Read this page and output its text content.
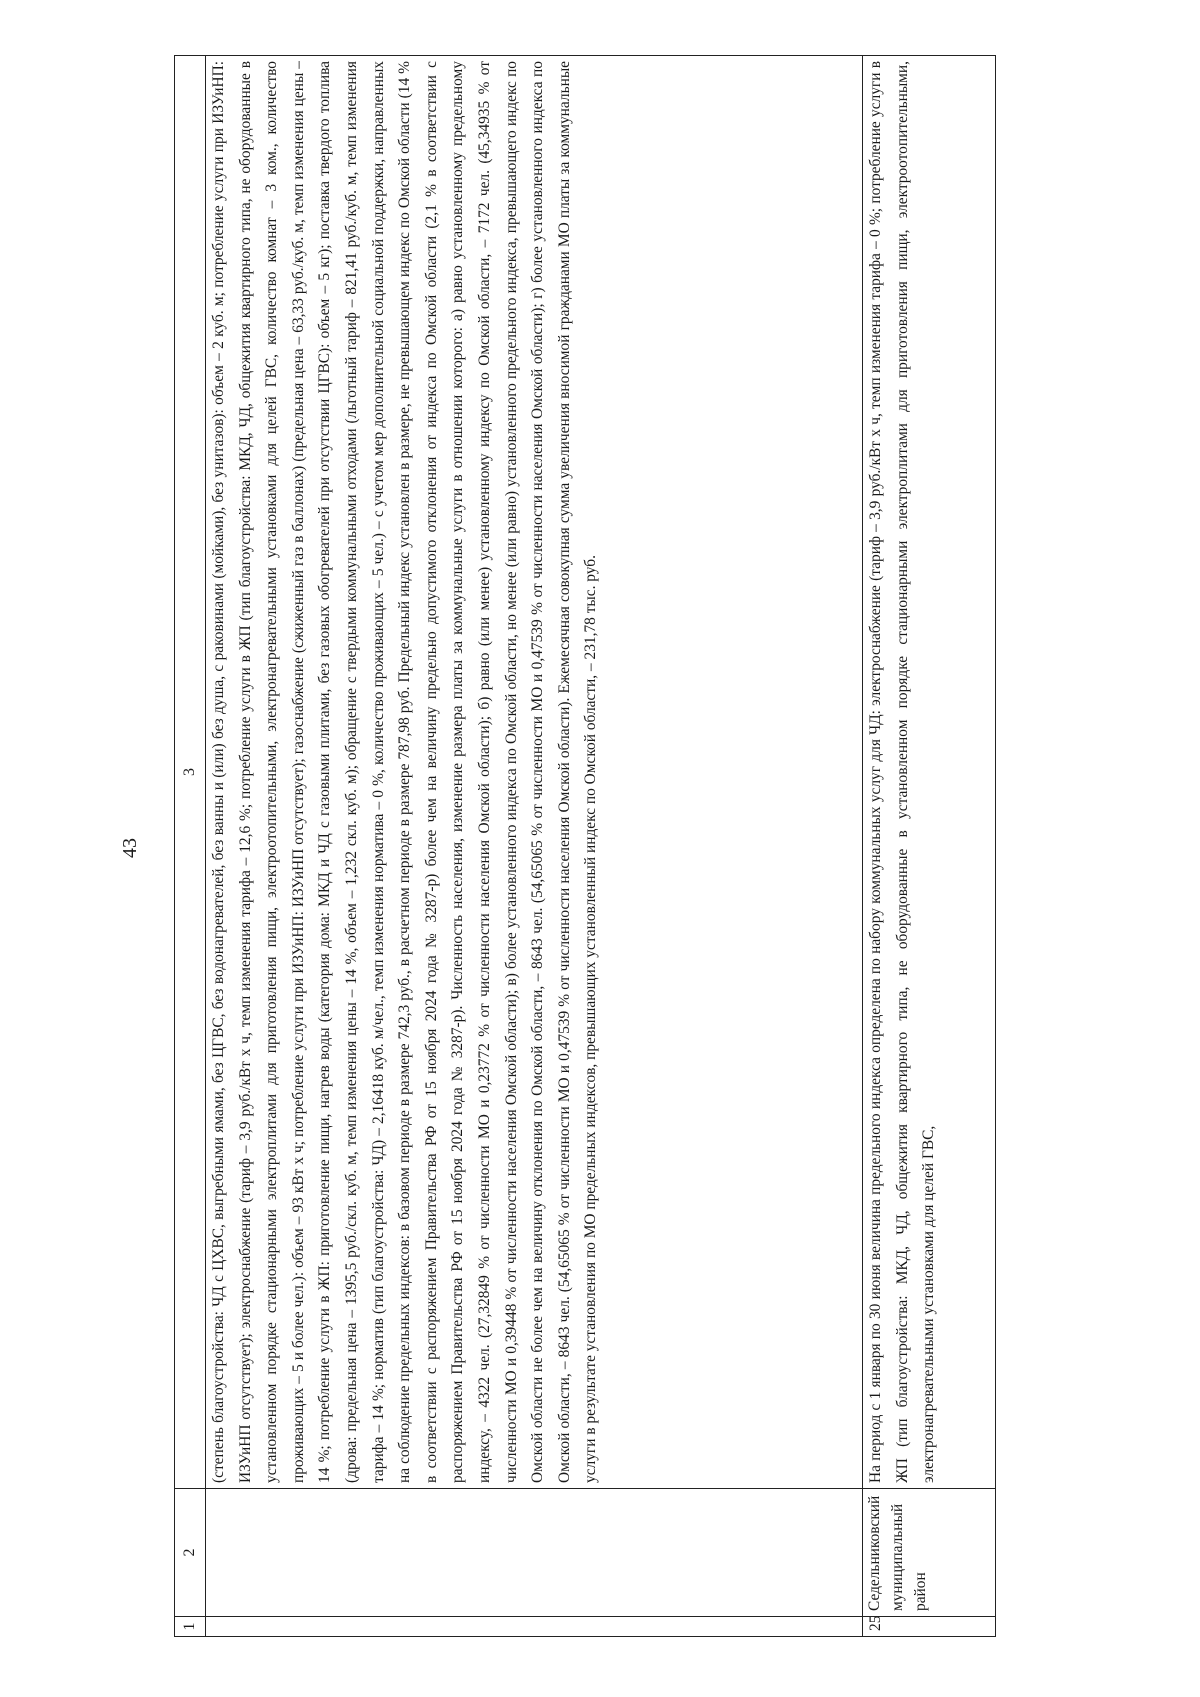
43
1	2	3

		(степень благоустройства: ЧД с ЦХВС, выгребными ямами, без ЦГВС, без водонагревателей, без ванны и (или) без душа, с раковинами (мойками), без унитазов): объем – 2 куб. м; потребление услуги при ИЗУиНП: ИЗУиНП отсутствует); электроснабжение (тариф – 3,9 руб./кВт х ч, темп изменения тарифа – 12,6 %; потребление услуги в ЖП (тип благоустройства: МКД, ЧД, общежития квартирного типа, не оборудованные в установленном порядке стационарными электроплитами для приготовления пищи, электроотопительными, электронагревательными установками для целей ГВС, количество комнат – 3 ком., количество проживающих – 5 и более чел.): объем – 93 кВт х ч; потребление услуги при ИЗУиНП: ИЗУиНП отсутствует); газоснабжение (сжиженный газ в баллонах) (предельная цена – 63,33 руб./куб. м, темп изменения цены – 14 %; потребление услуги в ЖП: приготовление пищи, нагрев воды (категория дома: МКД и ЧД с газовыми плитами, без газовых обогревателей при отсутствии ЦГВС): объем – 5 кг); поставка твердого топлива (дрова: предельная цена – 1395,5 руб./скл. куб. м, темп изменения цены – 14 %, объем – 1,232 скл. куб. м); обращение с твердыми коммунальными отходами (льготный тариф – 821,41 руб./куб. м, темп изменения тарифа – 14 %; норматив (тип благоустройства: ЧД) – 2,16418 куб. м/чел., темп изменения норматива – 0 %, количество проживающих – 5 чел.) – с учетом мер дополнительной социальной поддержки, направленных на соблюдение предельных индексов: в базовом периоде в размере 742,3 руб., в расчетном периоде в размере 787,98 руб. Предельный индекс установлен в размере, не превышающем индекс по Омской области (14 % в соответствии с распоряжением Правительства РФ от 15 ноября 2024 года № 3287-р) более чем на величину предельно допустимого отклонения от индекса по Омской области (2,1 % в соответствии с распоряжением Правительства РФ от 15 ноября 2024 года № 3287-р). Численность населения, изменение размера платы за коммунальные услуги в отношении которого: а) равно установленному предельному индексу, – 4322 чел. (27,32849 % от численности МО и 0,23772 % от численности населения Омской области); б) равно (или менее) установленному индексу по Омской области, – 7172 чел. (45,34935 % от численности МО и 0,39448 % от численности населения Омской области); в) более установленного индекса по Омской области, но менее (или равно) установленного предельного индекса, превышающего индекс по Омской области не более чем на величину отклонения по Омской области, – 8643 чел. (54,65065 % от численности МО и 0,47539 % от численности населения Омской области); г) более установленного индекса по Омской области, – 8643 чел. (54,65065 % от численности МО и 0,47539 % от численности населения Омской области). Ежемесячная совокупная сумма увеличения вносимой гражданами МО платы за коммунальные услуги в результате установления по МО предельных индексов, превышающих установленный индекс по Омской области, – 231,78 тыс. руб.

25	Седельниковский муниципальный район	На период с 1 января по 30 июня величина предельного индекса определена по набору коммунальных услуг для ЧД: электроснабжение (тариф – 3,9 руб./кВт х ч, темп изменения тарифа – 0 %; потребление услуги в ЖП (тип благоустройства: МКД, ЧД, общежития квартирного типа, не оборудованные в установленном порядке стационарными электроплитами для приготовления пищи, электроотопительными, электронагревательными установками для целей ГВС,
